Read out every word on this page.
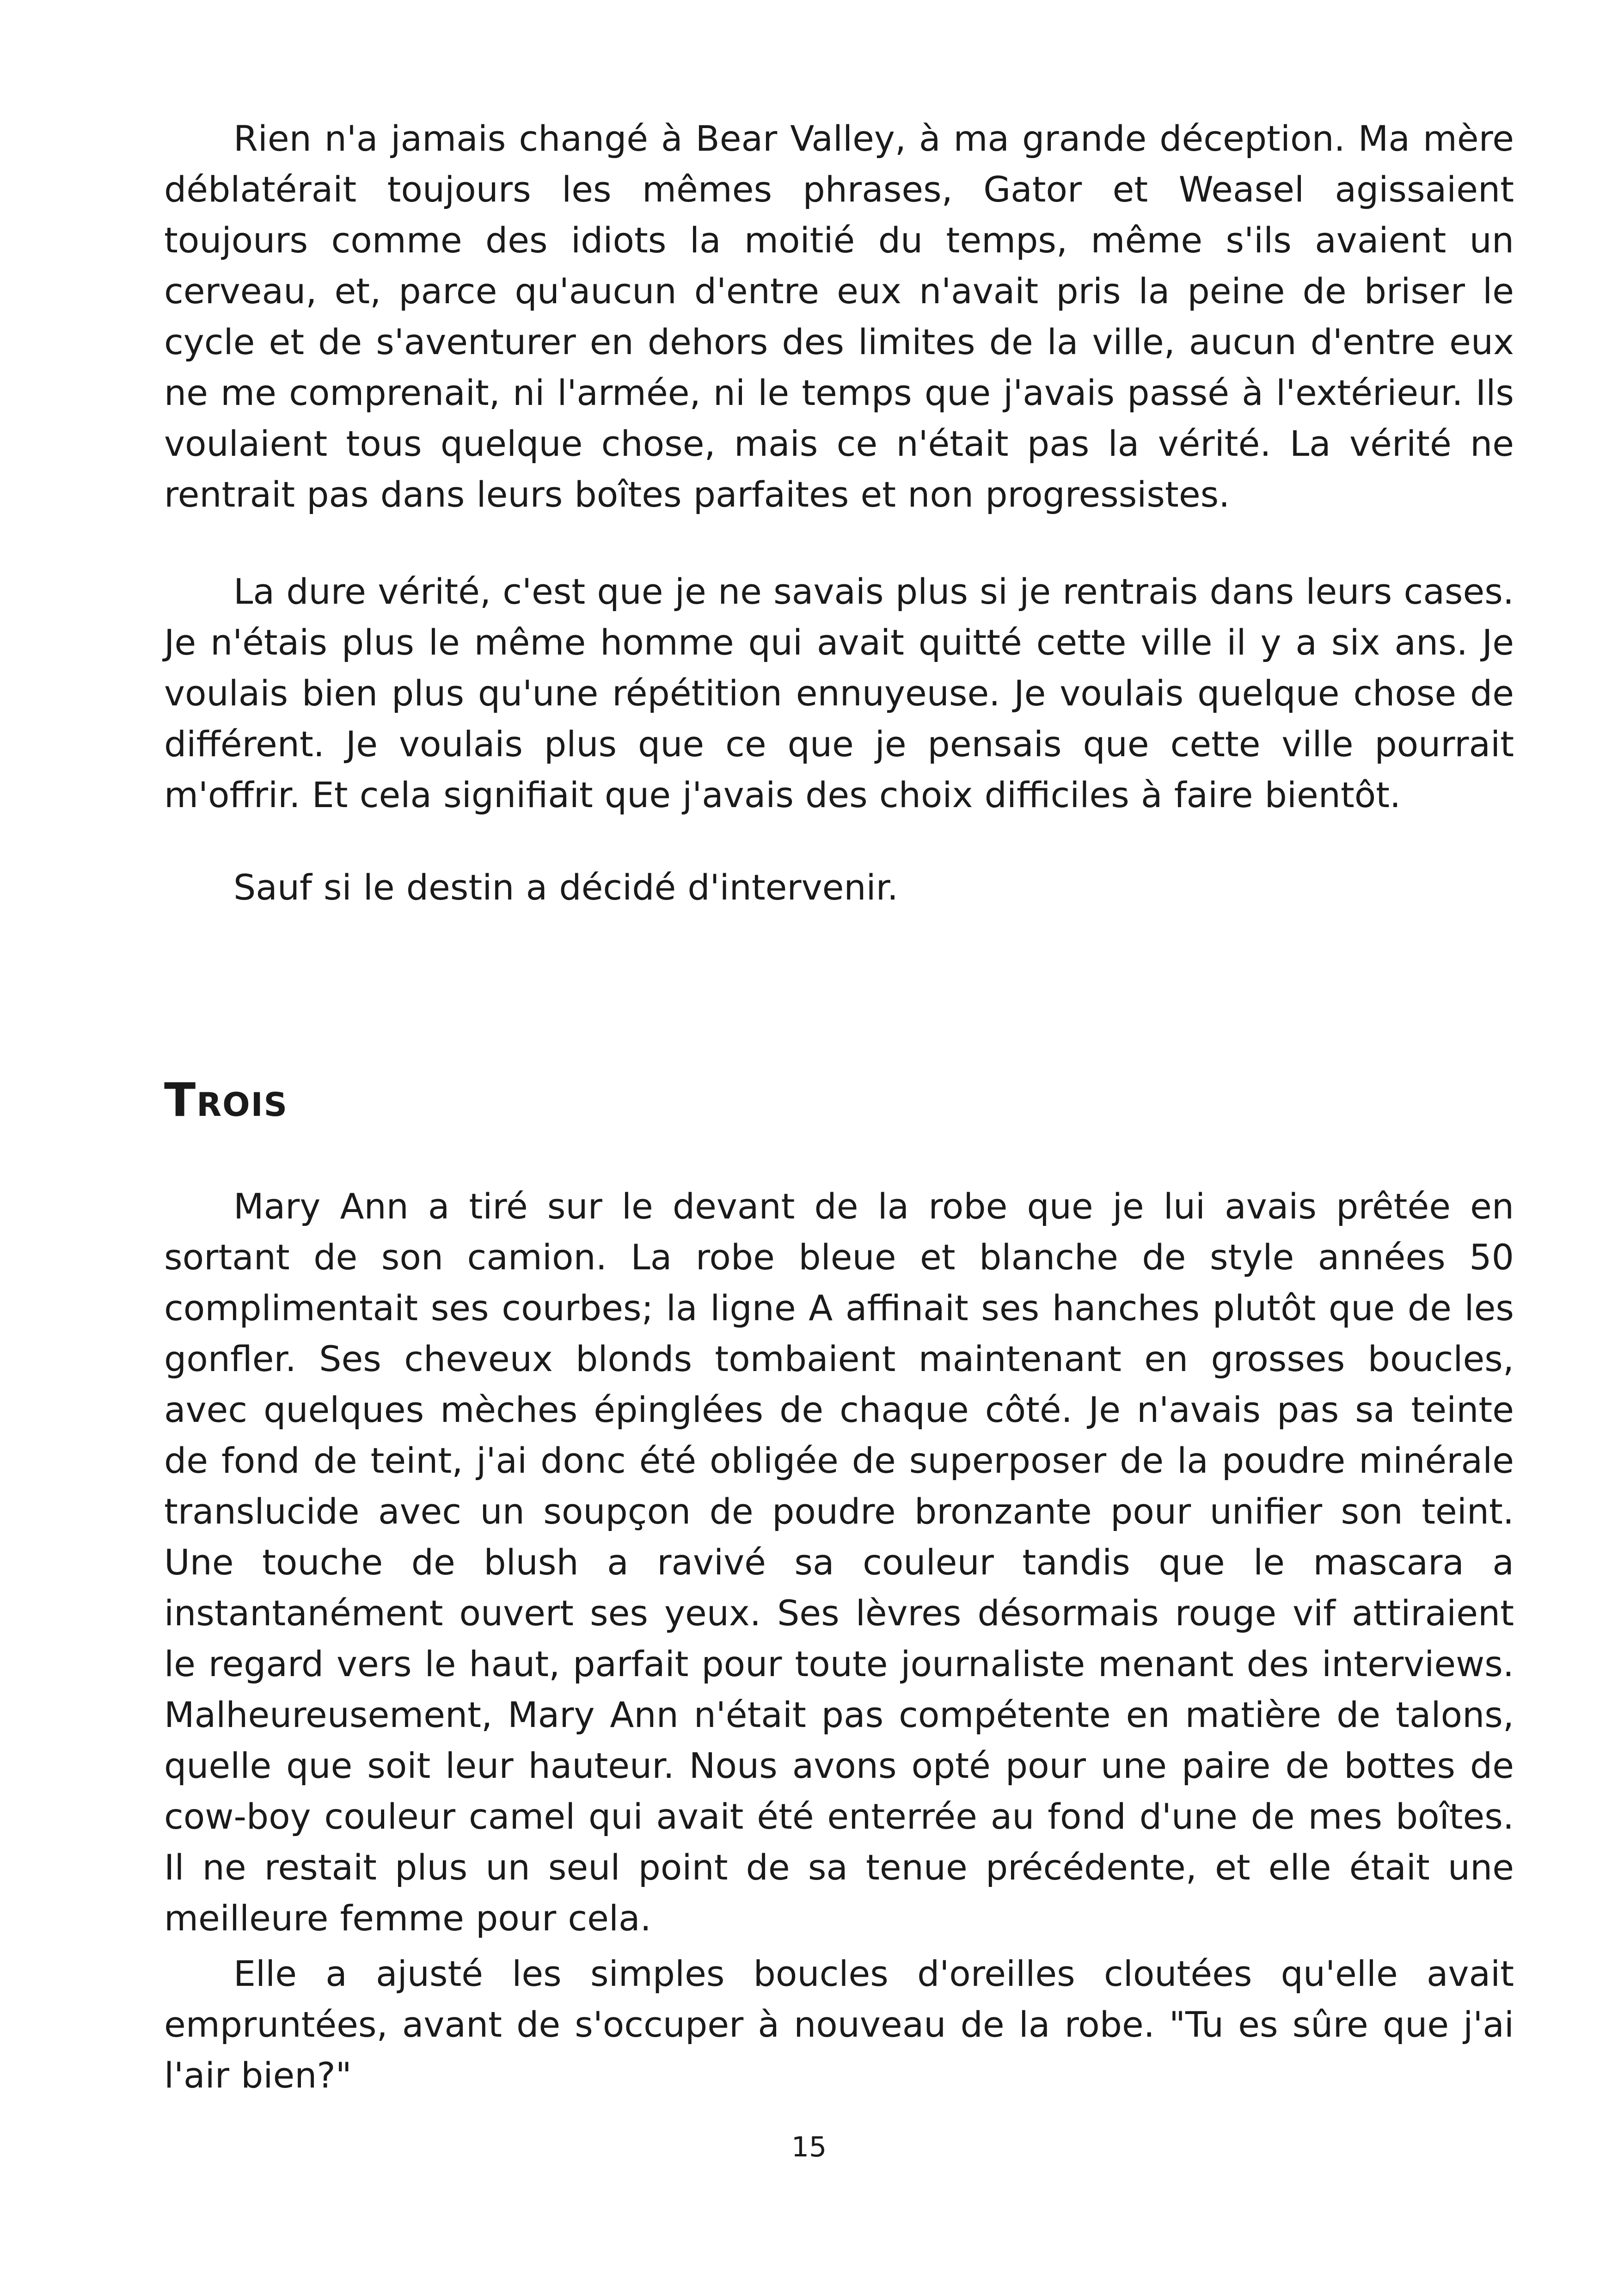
Rien n'a jamais changé à Bear Valley, à ma grande déception. Ma mère déblatérait toujours les mêmes phrases, Gator et Weasel agissaient toujours comme des idiots la moitié du temps, même s'ils avaient un cerveau, et, parce qu'aucun d'entre eux n'avait pris la peine de briser le cycle et de s'aventurer en dehors des limites de la ville, aucun d'entre eux ne me comprenait, ni l'armée, ni le temps que j'avais passé à l'extérieur. Ils voulaient tous quelque chose, mais ce n'était pas la vérité. La vérité ne rentrait pas dans leurs boîtes parfaites et non progressistes.

La dure vérité, c'est que je ne savais plus si je rentrais dans leurs cases. Je n'étais plus le même homme qui avait quitté cette ville il y a six ans. Je voulais bien plus qu'une répétition ennuyeuse. Je voulais quelque chose de différent. Je voulais plus que ce que je pensais que cette ville pourrait m'offrir. Et cela signifiait que j'avais des choix difficiles à faire bientôt.

Sauf si le destin a décidé d'intervenir.

Trois

Mary Ann a tiré sur le devant de la robe que je lui avais prêtée en sortant de son camion. La robe bleue et blanche de style années 50 complimentait ses courbes; la ligne A affinait ses hanches plutôt que de les gonfler. Ses cheveux blonds tombaient maintenant en grosses boucles, avec quelques mèches épinglées de chaque côté. Je n'avais pas sa teinte de fond de teint, j'ai donc été obligée de superposer de la poudre minérale translucide avec un soupçon de poudre bronzante pour unifier son teint. Une touche de blush a ravivé sa couleur tandis que le mascara a instantanément ouvert ses yeux. Ses lèvres désormais rouge vif attiraient le regard vers le haut, parfait pour toute journaliste menant des interviews. Malheureusement, Mary Ann n'était pas compétente en matière de talons, quelle que soit leur hauteur. Nous avons opté pour une paire de bottes de cow-boy couleur camel qui avait été enterrée au fond d'une de mes boîtes. Il ne restait plus un seul point de sa tenue précédente, et elle était une meilleure femme pour cela.

Elle a ajusté les simples boucles d'oreilles cloutées qu'elle avait empruntées, avant de s'occuper à nouveau de la robe. "Tu es sûre que j'ai l'air bien?"

15
